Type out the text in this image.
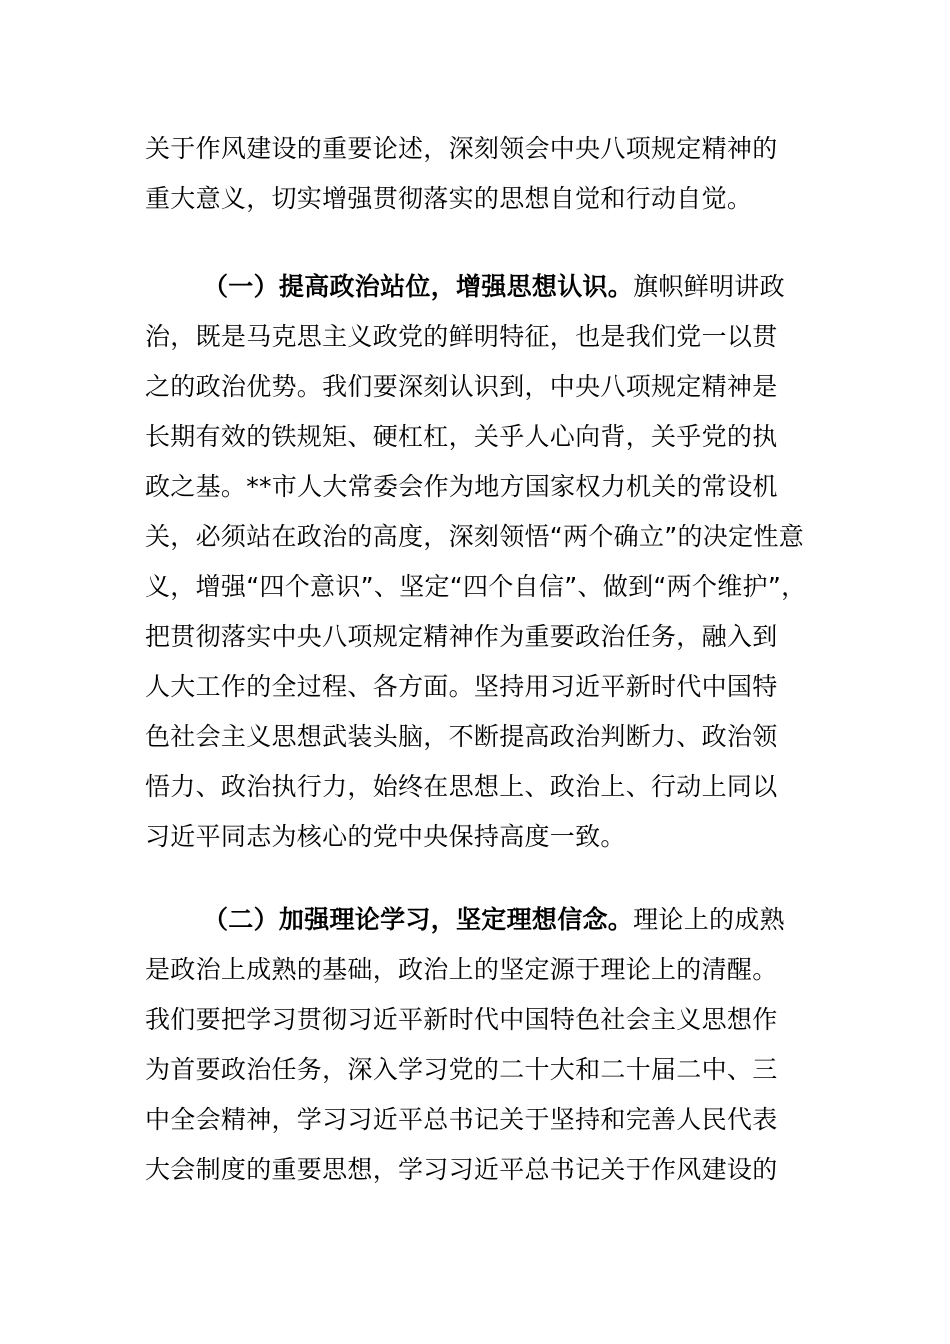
关于作风建设的重要论述，深刻领会中央八项规定精神的
重大意义，切实增强贯彻落实的思想自觉和行动自觉。
（一）提高政治站位，增强思想认识。旗帜鲜明讲政
治，既是马克思主义政党的鲜明特征，也是我们党一以贯
之的政治优势。我们要深刻认识到，中央八项规定精神是
长期有效的铁规矩、硬杠杠，关乎人心向背，关乎党的执
政之基。**市人大常委会作为地方国家权力机关的常设机
关，必须站在政治的高度，深刻领悟“两个确立”的决定性意
义，增强“四个意识”、坚定“四个自信”、做到“两个维护”，
把贯彻落实中央八项规定精神作为重要政治任务，融入到
人大工作的全过程、各方面。坚持用习近平新时代中国特
色社会主义思想武装头脑，不断提高政治判断力、政治领
悟力、政治执行力，始终在思想上、政治上、行动上同以
习近平同志为核心的党中央保持高度一致。
（二）加强理论学习，坚定理想信念。理论上的成熟
是政治上成熟的基础，政治上的坚定源于理论上的清醒。
我们要把学习贯彻习近平新时代中国特色社会主义思想作
为首要政治任务，深入学习党的二十大和二十届二中、三
中全会精神，学习习近平总书记关于坚持和完善人民代表
大会制度的重要思想，学习习近平总书记关于作风建设的
